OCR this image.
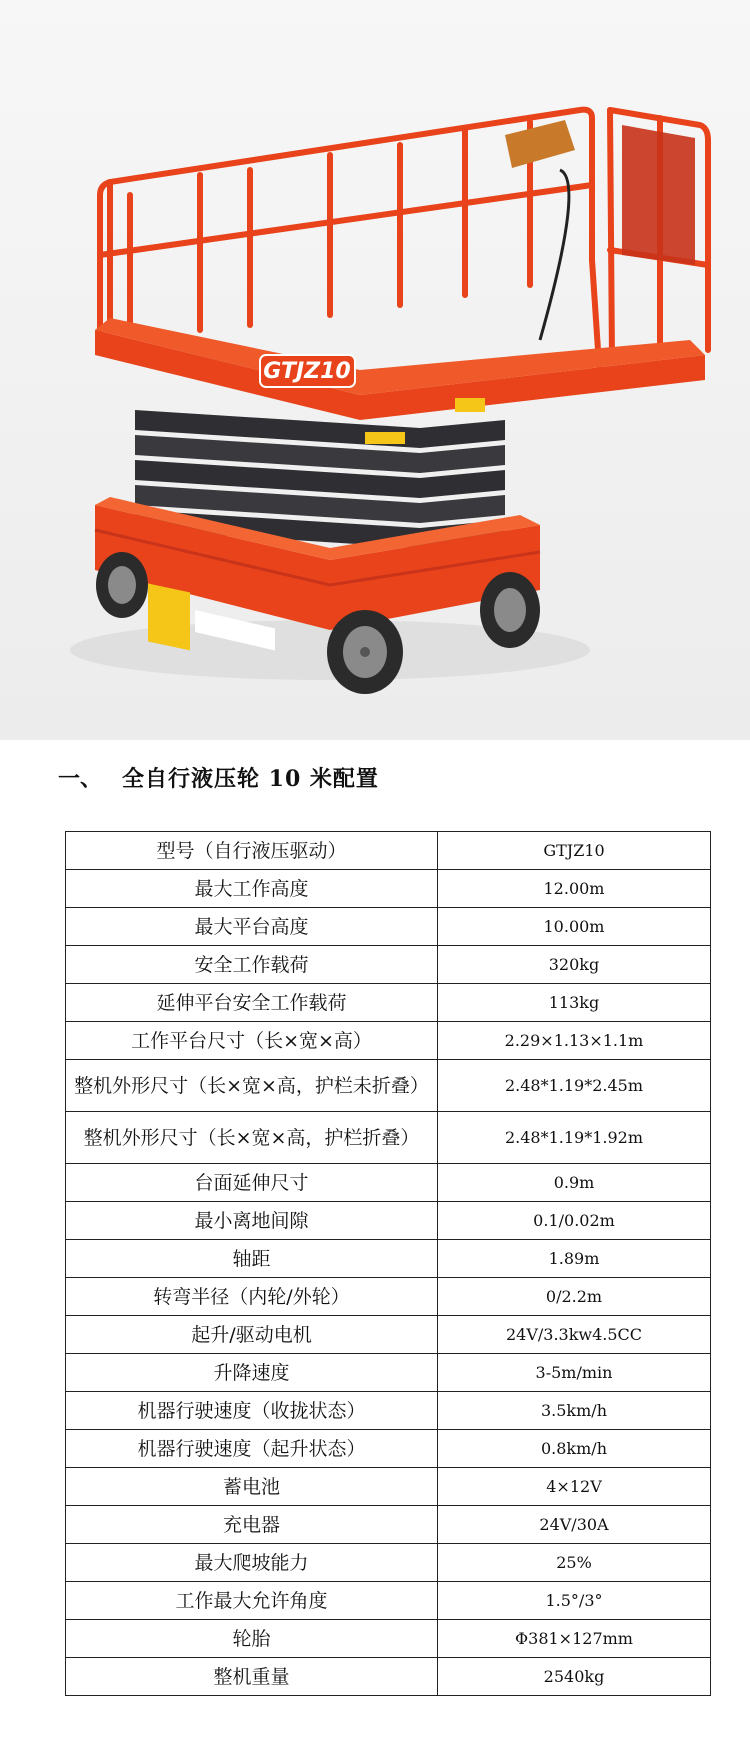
GTJZ10
一、 全自行液压轮 10 米配置
型号（自行液压驱动）	GTJZ10
最大工作高度	12.00m
最大平台高度	10.00m
安全工作载荷	320kg
延伸平台安全工作载荷	113kg
工作平台尺寸（长×宽×高）	2.29×1.13×1.1m
整机外形尺寸（长×宽×高，护栏未折叠）	2.48*1.19*2.45m
整机外形尺寸（长×宽×高，护栏折叠）	2.48*1.19*1.92m
台面延伸尺寸	0.9m
最小离地间隙	0.1/0.02m
轴距	1.89m
转弯半径（内轮/外轮）	0/2.2m
起升/驱动电机	24V/3.3kw4.5CC
升降速度	3-5m/min
机器行驶速度（收拢状态）	3.5km/h
机器行驶速度（起升状态）	0.8km/h
蓄电池	4×12V
充电器	24V/30A
最大爬坡能力	25%
工作最大允许角度	1.5°/3°
轮胎	Φ381×127mm
整机重量	2540kg
